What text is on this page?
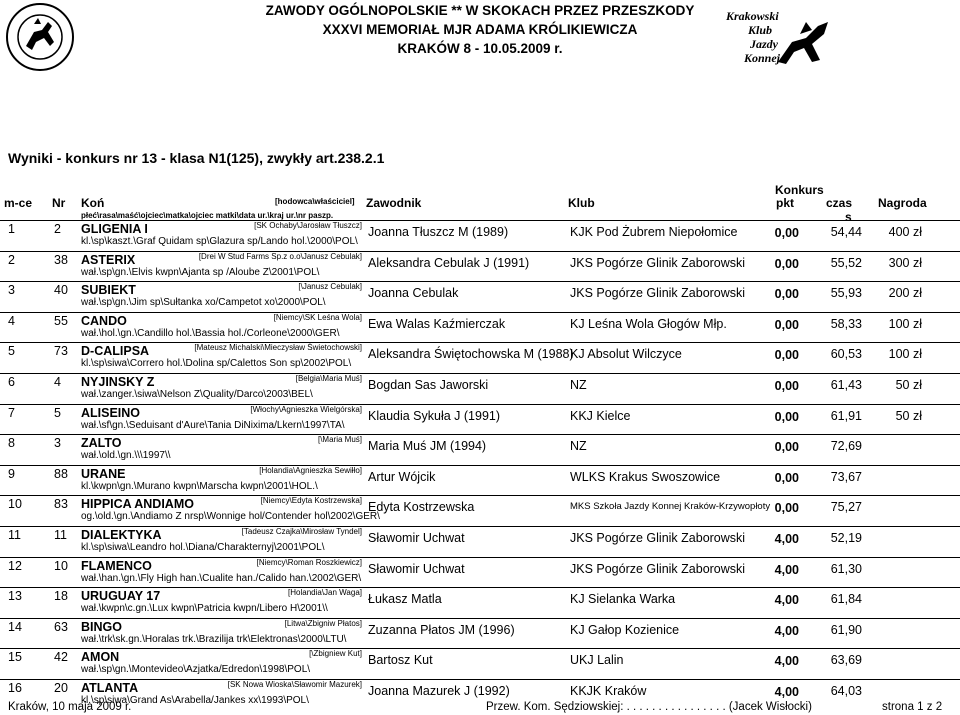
ZAWODY OGÓLNOPOLSKIE ** W SKOKACH PRZEZ PRZESZKODY
XXXVI MEMORIAŁ MJR ADAMA KRÓLIKIEWICZA
KRAKÓW 8 - 10.05.2009 r.
Krakowski
Klub
Jazdy
Konnej
Wyniki - konkurs nr 13 - klasa N1(125), zwykły art.238.2.1
Konkurs
m-ce Nr Koń	[hodowca\właściciel] Zawodnik	Klub	pkt	czas Nagroda
płeć\rasa\maść\ojciec\matka\ojciec matki\data ur.\kraj ur.\nr paszp.	s
1	2 GLIGENIA I	[SK Ochaby\Jarosław Tłuszcz]
kl.\sp\kaszt.\Graf Quidam sp\Glazura sp/Lando hol.\2000\POL\
Joanna Tłuszcz M (1989)	KJK Pod Żubrem Niepołomice	0,00	54,44	400 zł
2	38 ASTERIX	[Drei W Stud Farms Sp.z o.o\Janusz Cebulak]
wał.\sp\gn.\Elvis kwpn\Ajanta sp /Aloube Z\2001\POL\
Aleksandra Cebulak J (1991)	JKS Pogórze Glinik Zaborowski	0,00	55,52	300 zł
3	40 SUBIEKT	[\Janusz Cebulak]
wał.\sp\gn.\Jim sp\Sułtanka xo/Campetot xo\2000\POL\
Joanna Cebulak	JKS Pogórze Glinik Zaborowski	0,00	55,93	200 zł
4	55 CANDO	[Niemcy\SK Leśna Wola]
wał.\hol.\gn.\Candillo hol.\Bassia hol./Corleone\2000\GER\
Ewa Walas Kaźmierczak	KJ Leśna Wola Głogów Młp.	0,00	58,33	100 zł
5	73 D-CALIPSA	[Mateusz Michalski\Mieczysław Świetochowski]
kl.\sp\siwa\Correro hol.\Dolina sp/Calettos Son sp\2002\POL\
Aleksandra Świętochowska M (1988)
KJ Absolut Wilczyce	0,00	60,53	100 zł
6	4 NYJINSKY Z	[Belgia\Maria Muś]
wał.\zanger.\siwa\Nelson Z\Quality/Darco\2003\BEL\
Bogdan Sas Jaworski	NZ	0,00	61,43	50 zł
7	5 ALISEINO	[Włochy\Agnieszka Wielgórska]
wał.\sf\gn.\Seduisant d'Aure\Tania DiNixima/Lkern\1997\TA\
Klaudia Sykuła J (1991)	KKJ Kielce	0,00	61,91	50 zł
8	3 ZALTO	[\Maria Muś]
wał.\old.\gn.\\\1997\\
Maria Muś JM (1994)	NZ	0,00	72,69
9	88 URANE	[Holandia\Agnieszka Sewiłło]
kl.\kwpn\gn.\Murano kwpn\Marscha kwpn\2001\HOL.\
Artur Wójcik	WLKS Krakus Swoszowice	0,00	73,67
10	83 HIPPICA ANDIAMO	[Niemcy\Edyta Kostrzewska]
og.\old.\gn.\Andiamo Z nrsp\Wonnige hol/Contender hol\2002\GER\
Edyta Kostrzewska	MKS Szkoła Jazdy Konnej Kraków-Krzywopłoty 0,00	75,27
11	11 DIALEKTYKA	[Tadeusz Czajka\Mirosław Tyndel]
kl.\sp\siwa\Leandro hol.\Diana/Charakternyj\2001\POL\
Sławomir Uchwat	JKS Pogórze Glinik Zaborowski	4,00	52,19
12	10 FLAMENCO	[Niemcy\Roman Roszkiewicz]
wał.\han.\gn.\Fly High han.\Cualite han./Calido han.\2002\GER\
Sławomir Uchwat	JKS Pogórze Glinik Zaborowski	4,00	61,30
13	18 URUGUAY 17	[Holandia\Jan Waga]
wał.\kwpn\c.gn.\Lux kwpn\Patricia kwpn/Libero H\2001\\
Łukasz Matla	KJ Sielanka Warka	4,00	61,84
14	63 BINGO	[Litwa\Zbigniw Płatos]
wał.\trk\sk.gn.\Horalas trk.\Brazilija trk\Elektronas\2000\LTU\
Zuzanna Płatos JM (1996)	KJ Gałop Kozienice	4,00	61,90
15	42 AMON	[\Zbigniew Kut]
wał.\sp\gn.\Montevideo\Azjatka/Edredon\1998\POL\
Bartosz Kut	UKJ Lalin	4,00	63,69
16	20 ATLANTA	[SK Nowa Wioska\Sławomir Mazurek]
kl.\sp\siwa\Grand As\Arabella/Jankes xx\1993\POL\
Joanna Mazurek J (1992)	KKJK Kraków	4,00	64,03
Kraków, 10 maja 2009 r.	Przew. Kom. Sędziowskiej: . . . . . . . . . . . . . . . . (Jacek Wisłocki)	strona 1 z 2
